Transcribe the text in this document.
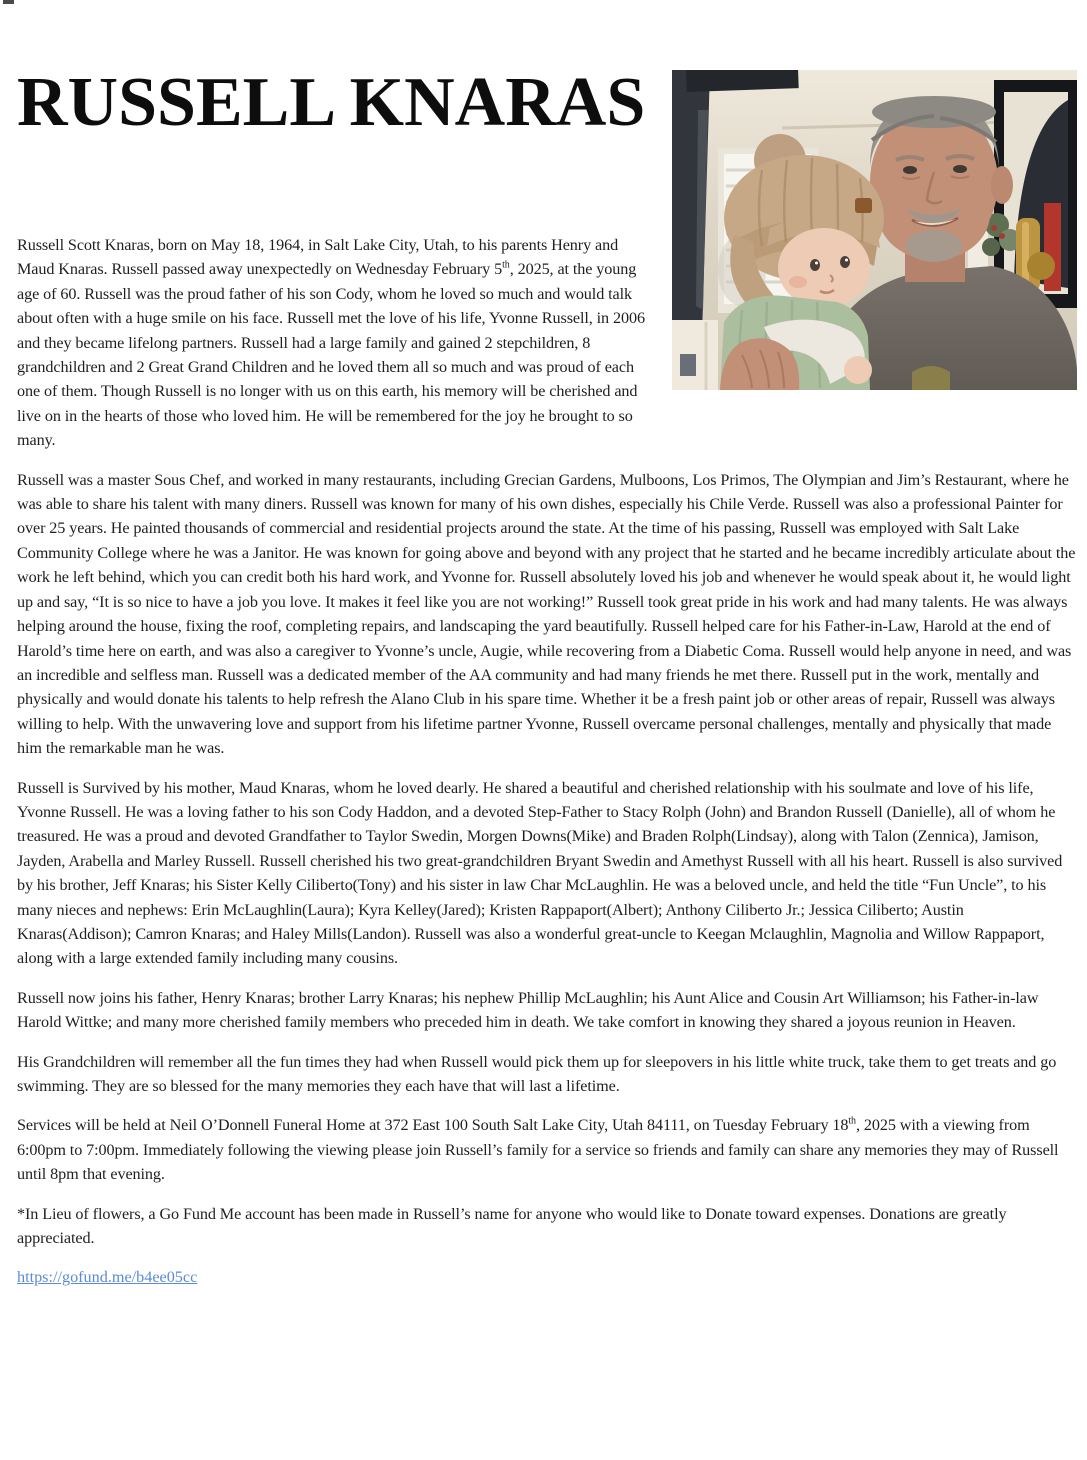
RUSSELL KNARAS

Russell Scott Knaras, born on May 18, 1964, in Salt Lake City, Utah, to his parents Henry and Maud Knaras. Russell passed away unexpectedly on Wednesday February 5th, 2025, at the young age of 60. Russell was the proud father of his son Cody, whom he loved so much and would talk about often with a huge smile on his face. Russell met the love of his life, Yvonne Russell, in 2006 and they became lifelong partners. Russell had a large family and gained 2 stepchildren, 8 grandchildren and 2 Great Grand Children and he loved them all so much and was proud of each one of them. Though Russell is no longer with us on this earth, his memory will be cherished and live on in the hearts of those who loved him. He will be remembered for the joy he brought to so many.

Russell was a master Sous Chef, and worked in many restaurants, including Grecian Gardens, Mulboons, Los Primos, The Olympian and Jim’s Restaurant, where he was able to share his talent with many diners. Russell was known for many of his own dishes, especially his Chile Verde. Russell was also a professional Painter for over 25 years. He painted thousands of commercial and residential projects around the state. At the time of his passing, Russell was employed with Salt Lake Community College where he was a Janitor. He was known for going above and beyond with any project that he started and he became incredibly articulate about the work he left behind, which you can credit both his hard work, and Yvonne for. Russell absolutely loved his job and whenever he would speak about it, he would light up and say, “It is so nice to have a job you love. It makes it feel like you are not working!” Russell took great pride in his work and had many talents. He was always helping around the house, fixing the roof, completing repairs, and landscaping the yard beautifully. Russell helped care for his Father-in-Law, Harold at the end of Harold’s time here on earth, and was also a caregiver to Yvonne’s uncle, Augie, while recovering from a Diabetic Coma. Russell would help anyone in need, and was an incredible and selfless man. Russell was a dedicated member of the AA community and had many friends he met there. Russell put in the work, mentally and physically and would donate his talents to help refresh the Alano Club in his spare time. Whether it be a fresh paint job or other areas of repair, Russell was always willing to help. With the unwavering love and support from his lifetime partner Yvonne, Russell overcame personal challenges, mentally and physically that made him the remarkable man he was.

Russell is Survived by his mother, Maud Knaras, whom he loved dearly. He shared a beautiful and cherished relationship with his soulmate and love of his life, Yvonne Russell. He was a loving father to his son Cody Haddon, and a devoted Step-Father to Stacy Rolph (John) and Brandon Russell (Danielle), all of whom he treasured. He was a proud and devoted Grandfather to Taylor Swedin, Morgen Downs(Mike) and Braden Rolph(Lindsay), along with Talon (Zennica), Jamison, Jayden, Arabella and Marley Russell. Russell cherished his two great-grandchildren Bryant Swedin and Amethyst Russell with all his heart. Russell is also survived by his brother, Jeff Knaras; his Sister Kelly Ciliberto(Tony) and his sister in law Char McLaughlin. He was a beloved uncle, and held the title “Fun Uncle”, to his many nieces and nephews: Erin McLaughlin(Laura); Kyra Kelley(Jared); Kristen Rappaport(Albert); Anthony Ciliberto Jr.; Jessica Ciliberto; Austin Knaras(Addison); Camron Knaras; and Haley Mills(Landon). Russell was also a wonderful great-uncle to Keegan Mclaughlin, Magnolia and Willow Rappaport, along with a large extended family including many cousins.

Russell now joins his father, Henry Knaras; brother Larry Knaras; his nephew Phillip McLaughlin; his Aunt Alice and Cousin Art Williamson; his Father-in-law Harold Wittke; and many more cherished family members who preceded him in death. We take comfort in knowing they shared a joyous reunion in Heaven.

His Grandchildren will remember all the fun times they had when Russell would pick them up for sleepovers in his little white truck, take them to get treats and go swimming. They are so blessed for the many memories they each have that will last a lifetime.

Services will be held at Neil O’Donnell Funeral Home at 372 East 100 South Salt Lake City, Utah 84111, on Tuesday February 18th, 2025 with a viewing from 6:00pm to 7:00pm. Immediately following the viewing please join Russell’s family for a service so friends and family can share any memories they may of Russell until 8pm that evening.

*In Lieu of flowers, a Go Fund Me account has been made in Russell’s name for anyone who would like to Donate toward expenses. Donations are greatly appreciated.

https://gofund.me/b4ee05cc
